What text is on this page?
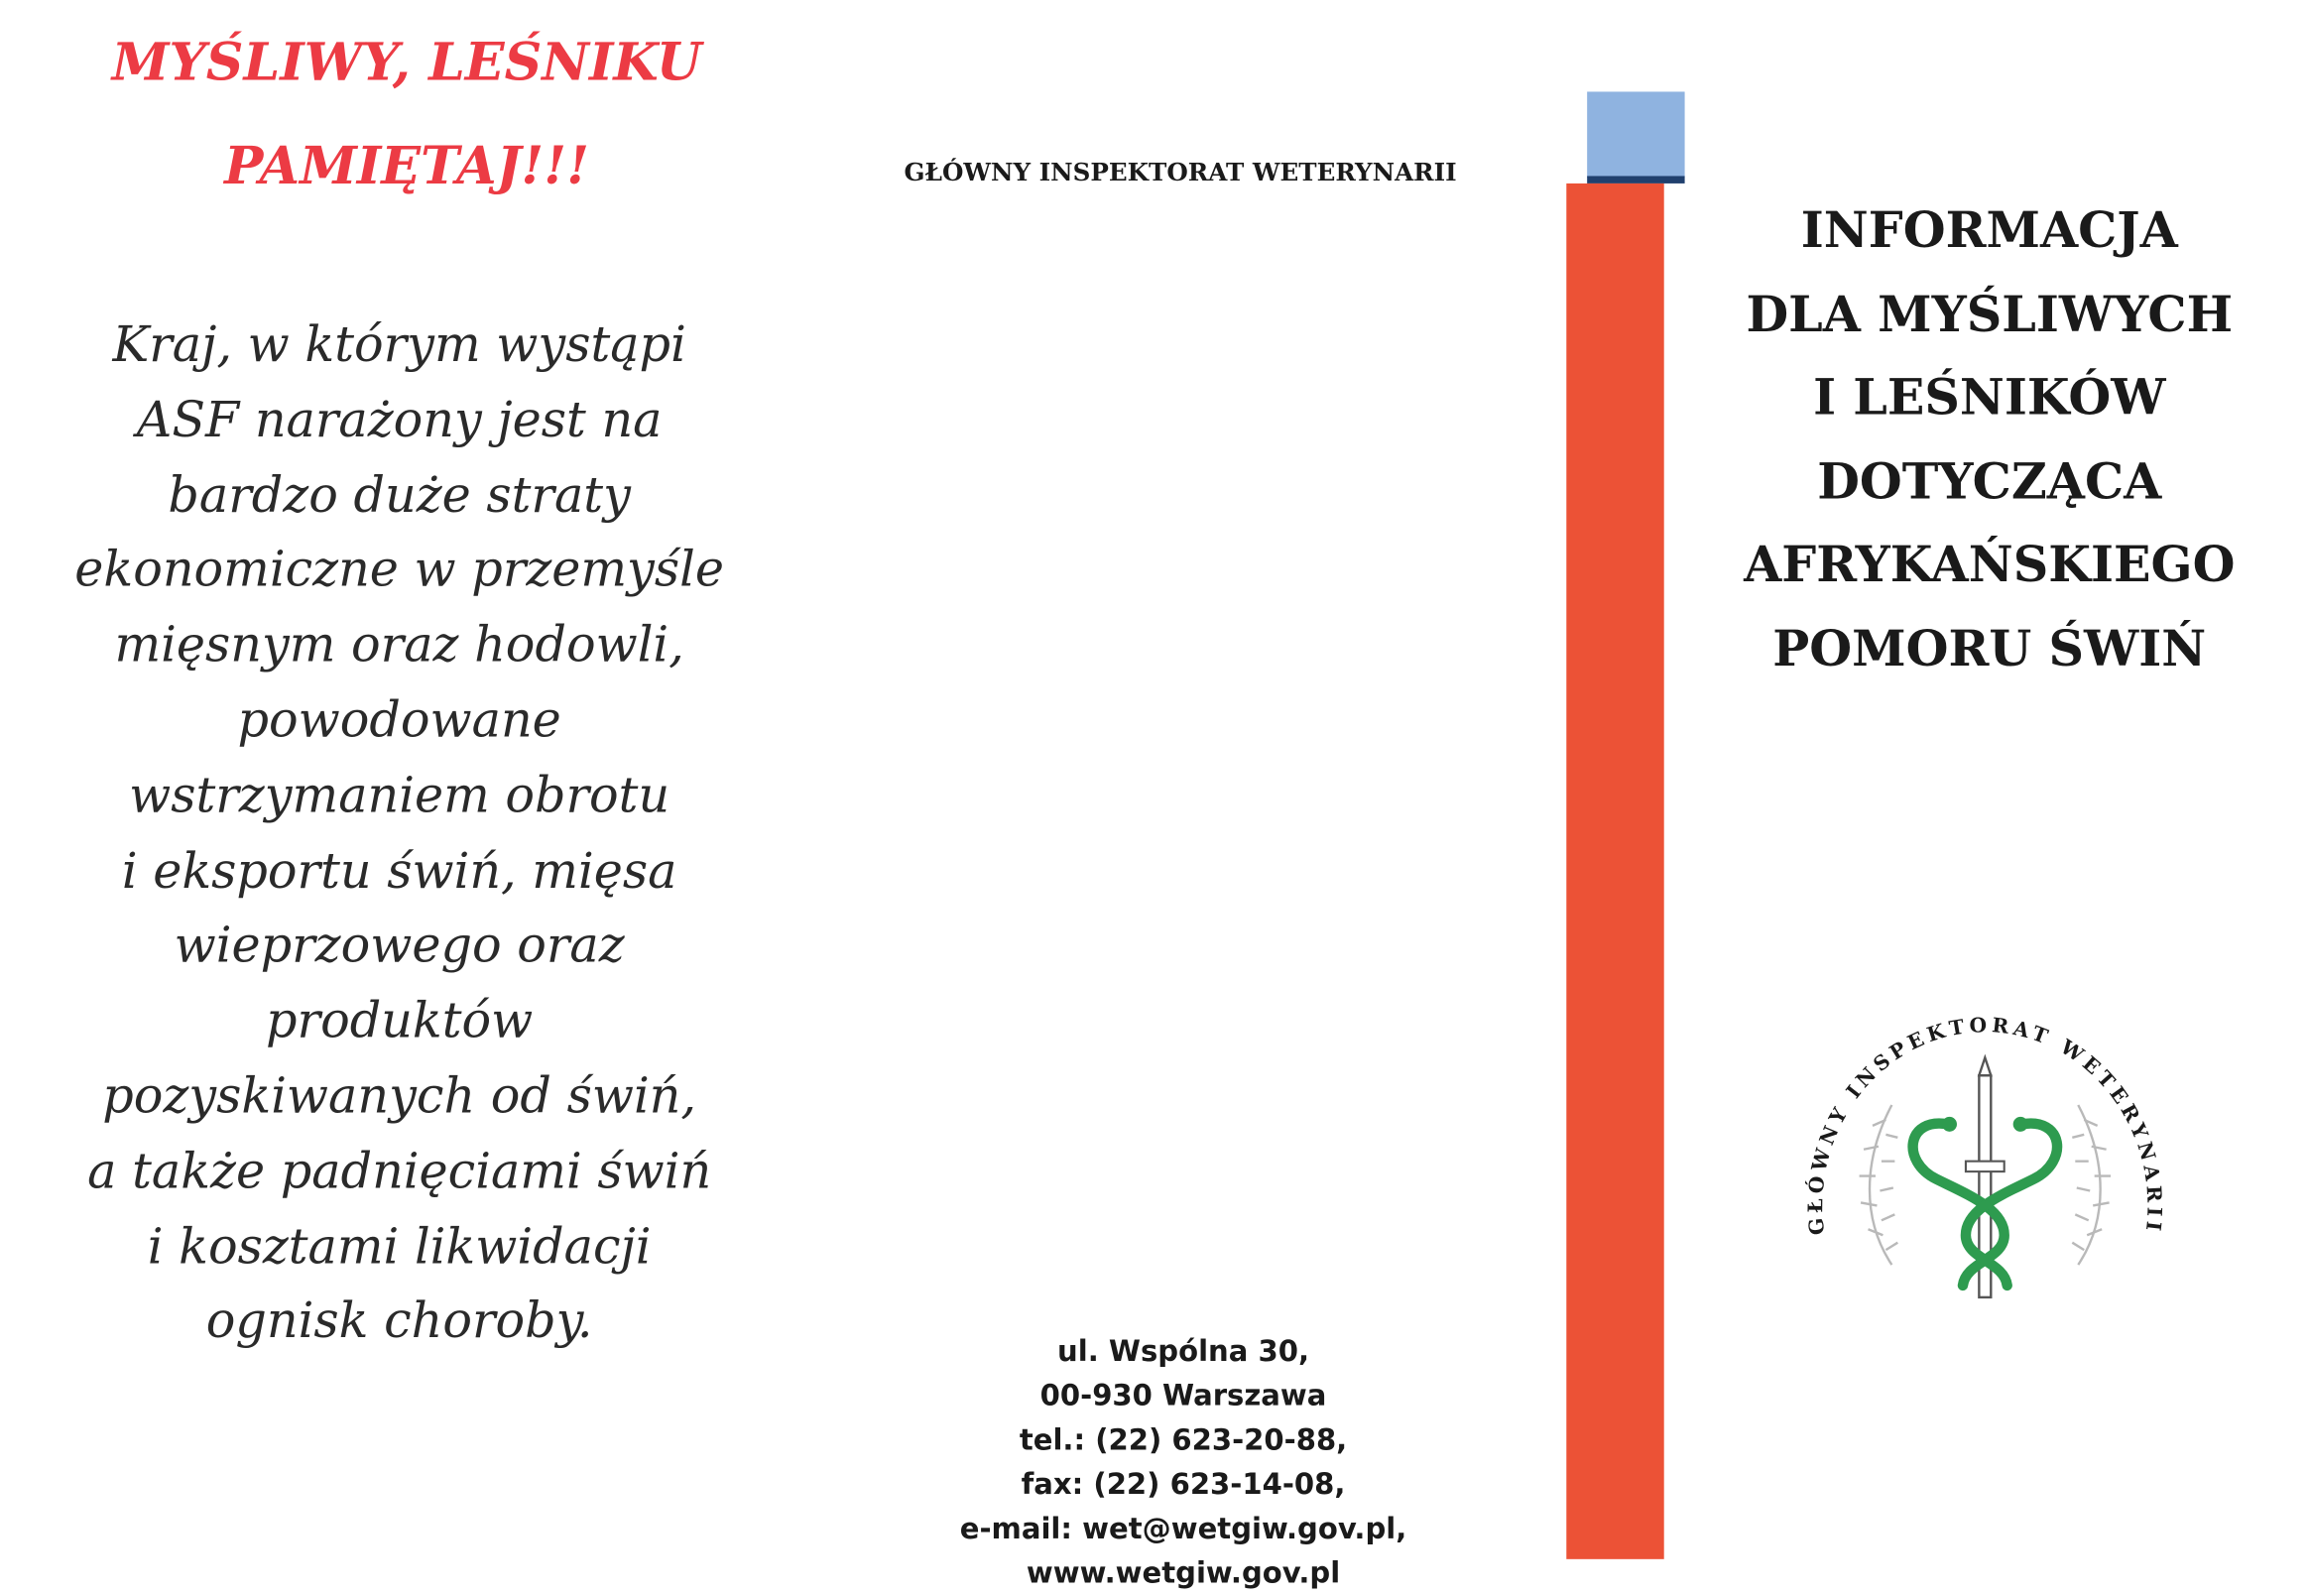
MYŚLIWY, LEŚNIKU
PAMIĘTAJ!!!

Kraj, w którym wystąpi
ASF narażony jest na
bardzo duże straty
ekonomiczne w przemyśle
mięsnym oraz hodowli,
powodowane
wstrzymaniem obrotu
i eksportu świń, mięsa
wieprzowego oraz
produktów
pozyskiwanych od świń,
a także padnięciami świń
i kosztami likwidacji
ognisk choroby.

GŁÓWNY INSPEKTORAT WETERYNARII
ul. Wspólna 30,
00-930 Warszawa
tel.: (22) 623-20-88,
fax: (22) 623-14-08,
e-mail: wet@wetgiw.gov.pl,
www.wetgiw.gov.pl
INFORMACJA
DLA MYŚLIWYCH
I LEŚNIKÓW
DOTYCZĄCA
AFRYKAŃSKIEGO
POMORU ŚWIŃ
GŁÓWNY INSPEKTORAT WETERYNARII
